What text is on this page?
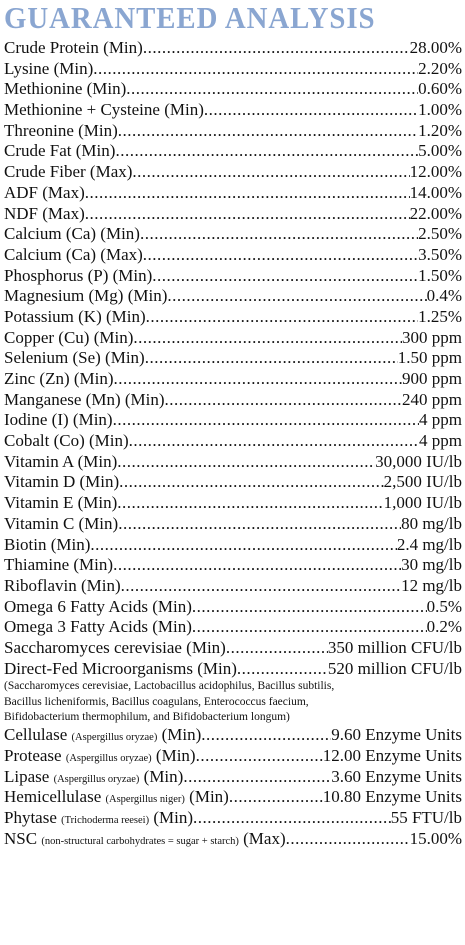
GUARANTEED ANALYSIS
Crude Protein (Min) .....	28.00%
Lysine (Min) .....	2.20%
Methionine (Min) .....	0.60%
Methionine + Cysteine (Min) .....	1.00%
Threonine (Min) .....	1.20%
Crude Fat (Min) .....	5.00%
Crude Fiber (Max) .....	12.00%
ADF (Max) .....	14.00%
NDF (Max) .....	22.00%
Calcium (Ca) (Min) .....	2.50%
Calcium (Ca) (Max) .....	3.50%
Phosphorus (P) (Min) .....	1.50%
Magnesium (Mg) (Min) .....	0.4%
Potassium (K) (Min) .....	1.25%
Copper (Cu) (Min) .....	300 ppm
Selenium (Se) (Min) .....	1.50 ppm
Zinc (Zn) (Min) .....	900 ppm
Manganese (Mn) (Min) .....	240 ppm
Iodine (I) (Min) .....	4 ppm
Cobalt (Co) (Min) .....	4 ppm
Vitamin A (Min) .....	30,000 IU/lb
Vitamin D (Min) .....	2,500 IU/lb
Vitamin E (Min) .....	1,000 IU/lb
Vitamin C (Min) .....	80 mg/lb
Biotin (Min) .....	2.4 mg/lb
Thiamine (Min) .....	30 mg/lb
Riboflavin (Min) .....	12 mg/lb
Omega 6 Fatty Acids (Min) .....	0.5%
Omega 3 Fatty Acids (Min) .....	0.2%
Saccharomyces cerevisiae (Min) .....	350 million CFU/lb
Direct-Fed Microorganisms (Min) .....	520 million CFU/lb
(Saccharomyces cerevisiae, Lactobacillus acidophilus, Bacillus subtilis,
Bacillus licheniformis, Bacillus coagulans, Enterococcus faecium,
Bifidobacterium thermophilum, and Bifidobacterium longum)
Cellulase (Aspergillus oryzae) (Min) .....	9.60 Enzyme Units
Protease (Aspergillus oryzae) (Min) .....	12.00 Enzyme Units
Lipase (Aspergillus oryzae) (Min) .....	3.60 Enzyme Units
Hemicellulase (Aspergillus niger) (Min) .....	10.80 Enzyme Units
Phytase (Trichoderma reesei) (Min) .....	55 FTU/lb
NSC (non-structural carbohydrates = sugar + starch) (Max) .....	15.00%
